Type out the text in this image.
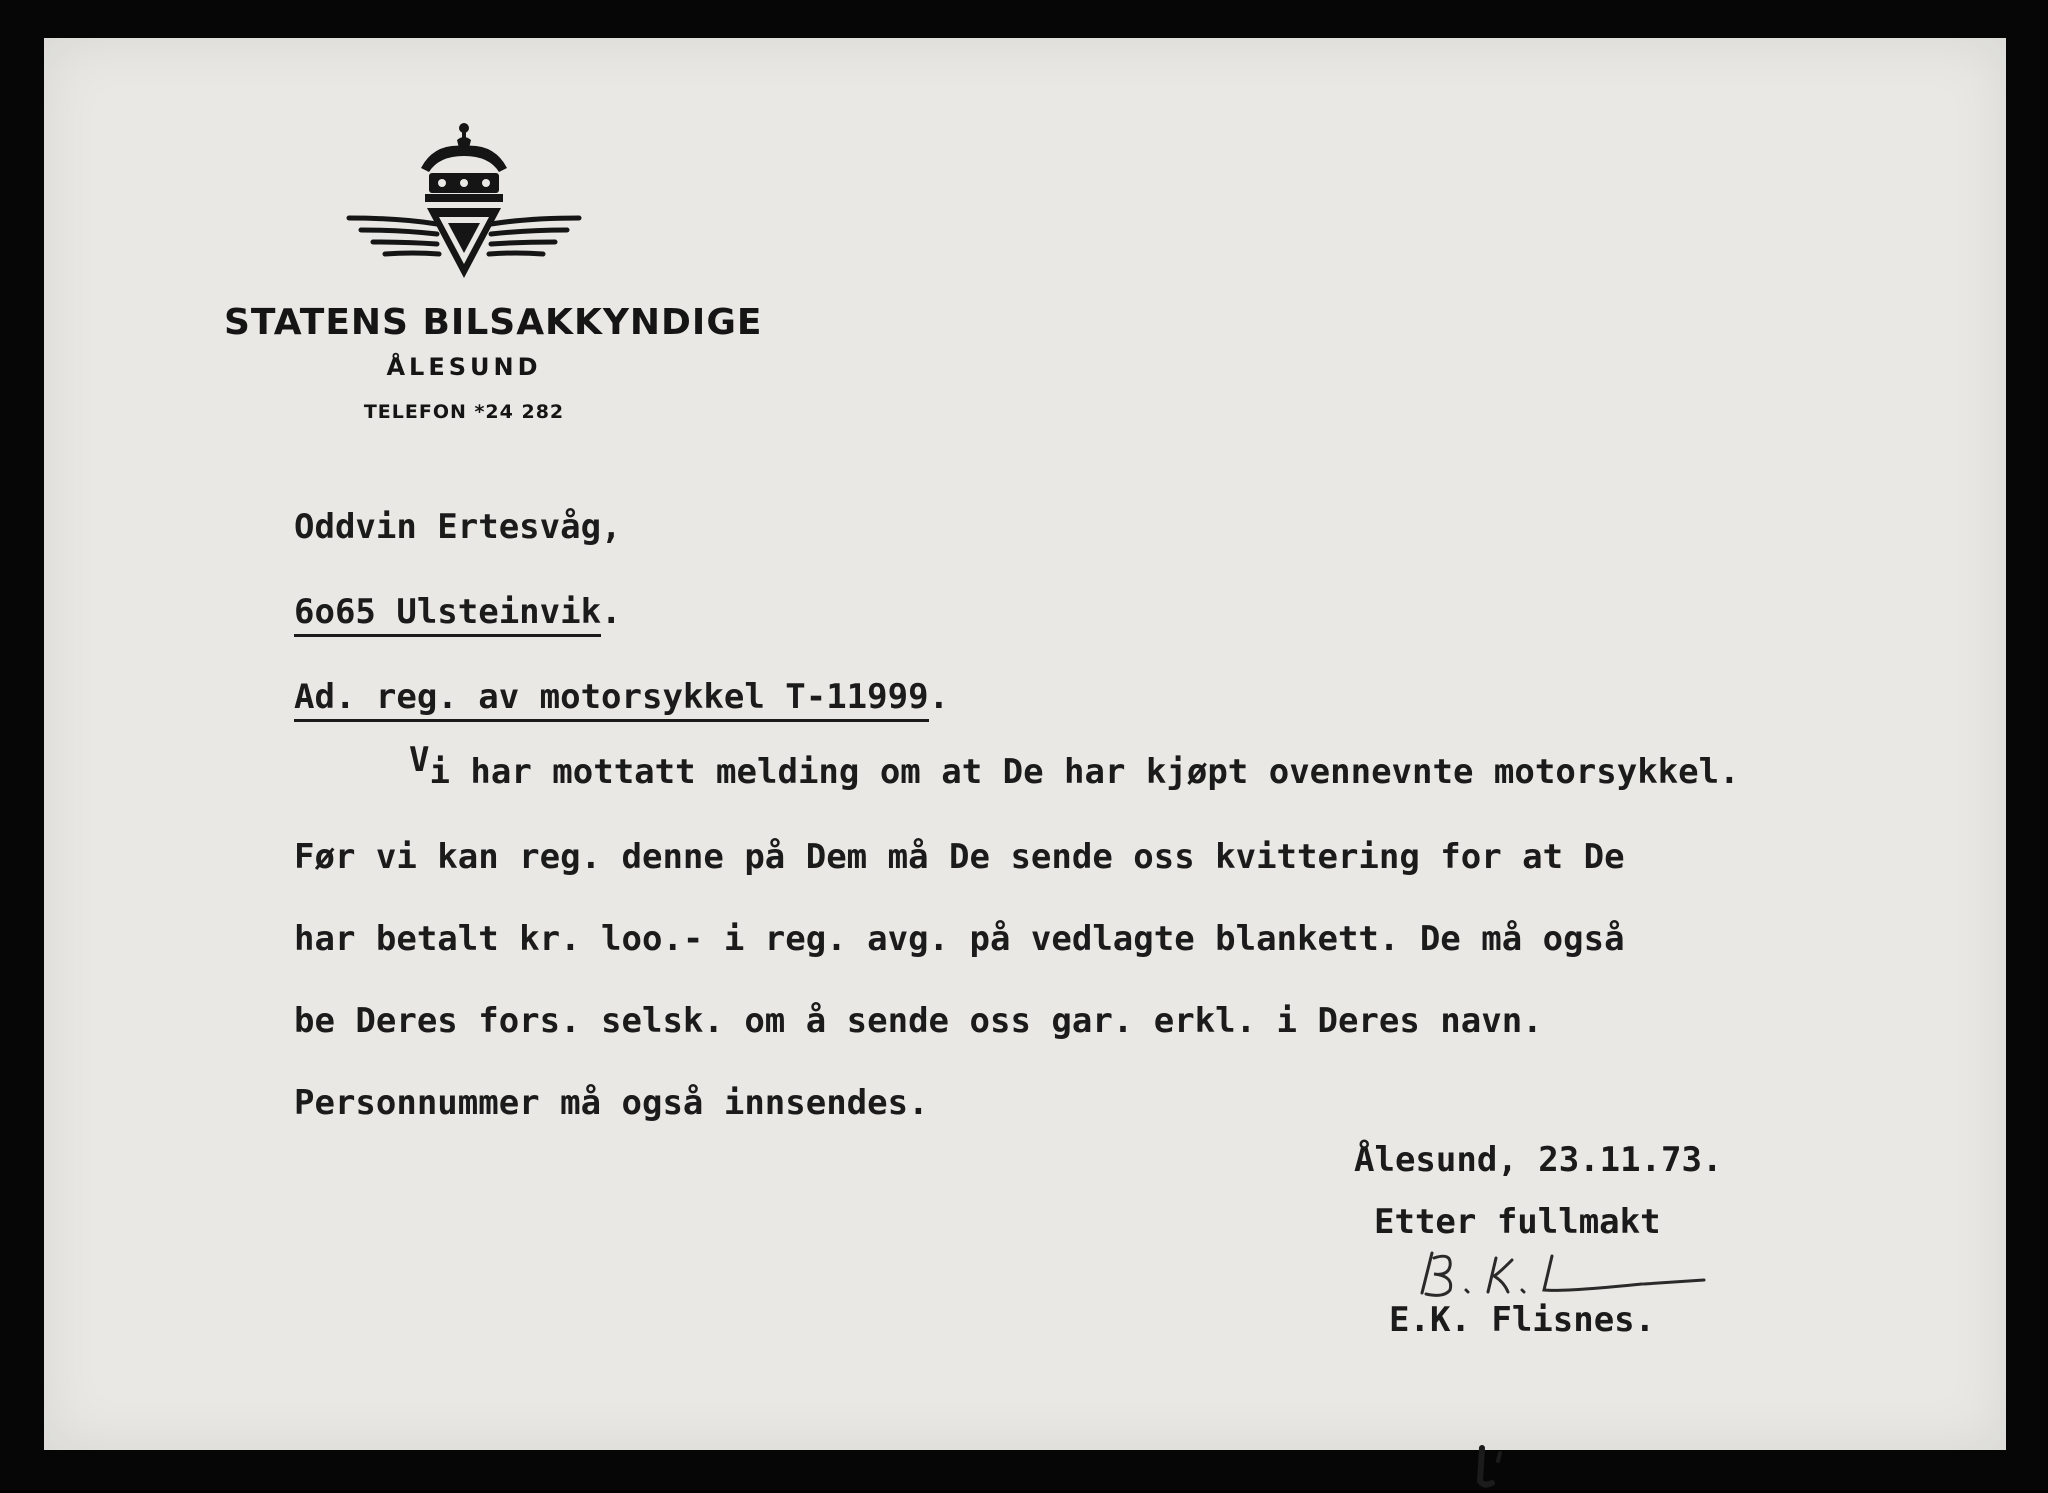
STATENS BILSAKKYNDIGE
ÅLESUND
TELEFON *24 282
Oddvin Ertesvåg,
6o65 Ulsteinvik.
Ad. reg. av motorsykkel T-11999.
Vi har mottatt melding om at De har kjøpt ovennevnte motorsykkel.
Før vi kan reg. denne på Dem må De sende oss kvittering for at De
har betalt kr. loo.- i reg. avg. på vedlagte blankett. De må også
be Deres fors. selsk. om å sende oss gar. erkl. i Deres navn.
Personnummer må også innsendes.
Ålesund, 23.11.73.
Etter fullmakt
E.K. Flisnes.
